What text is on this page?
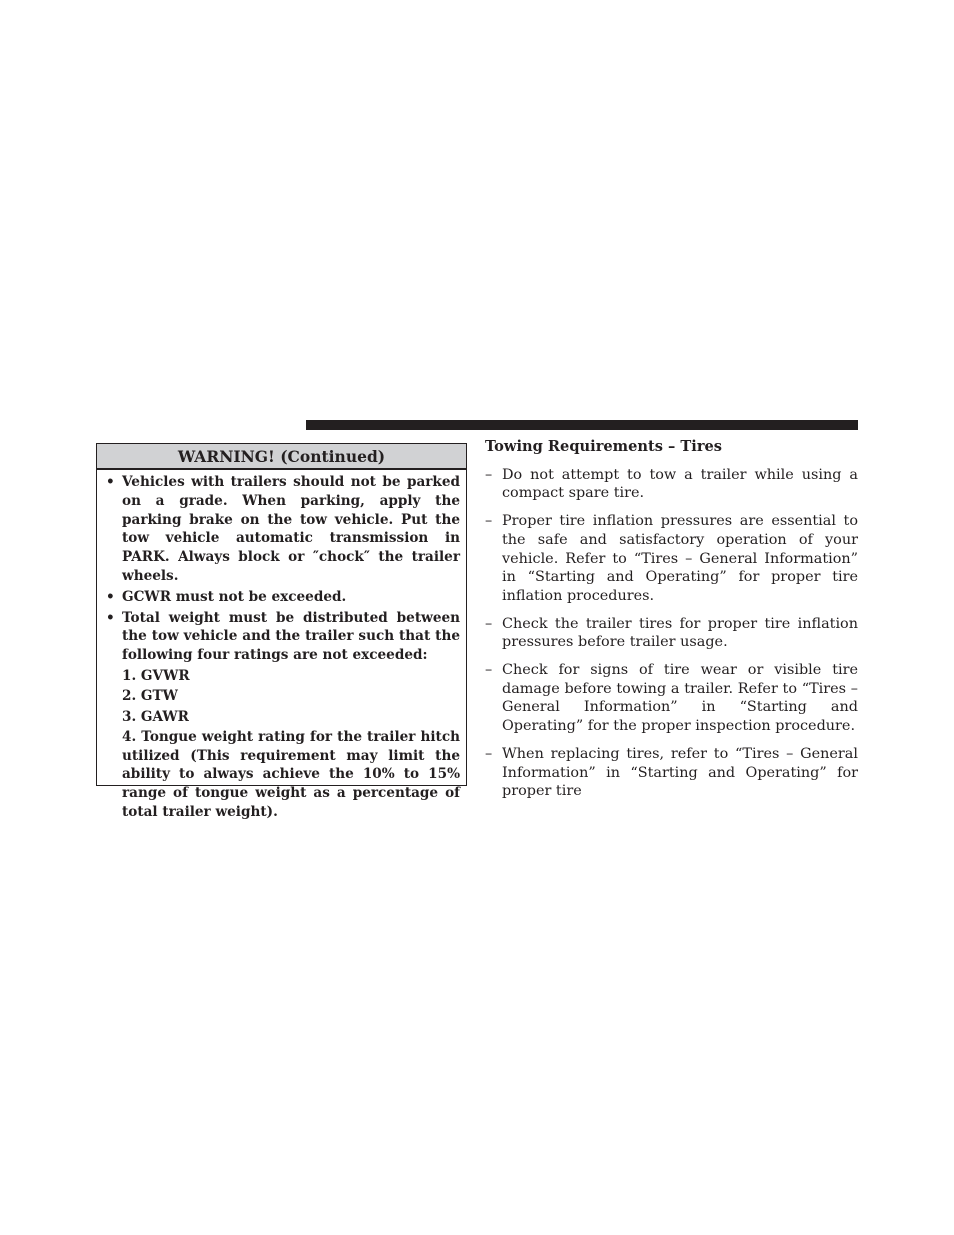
WARNING! (Continued)
• Vehicles with trailers should not be parked on a grade. When parking, apply the parking brake on the tow vehicle. Put the tow vehicle automatic transmission in PARK. Always block or ″chock″ the trailer wheels.
• GCWR must not be exceeded.
• Total weight must be distributed between the tow vehicle and the trailer such that the following four ratings are not exceeded:
1. GVWR
2. GTW
3. GAWR
4. Tongue weight rating for the trailer hitch utilized (This requirement may limit the ability to always achieve the 10% to 15% range of tongue weight as a percentage of total trailer weight).
Towing Requirements – Tires
– Do not attempt to tow a trailer while using a compact spare tire.
– Proper tire inflation pressures are essential to the safe and satisfactory operation of your vehicle. Refer to “Tires – General Information” in “Starting and Operating” for proper tire inflation procedures.
– Check the trailer tires for proper tire inflation pressures before trailer usage.
– Check for signs of tire wear or visible tire damage before towing a trailer. Refer to “Tires – General Information” in “Starting and Operating” for the proper inspection procedure.
– When replacing tires, refer to “Tires – General Information” in “Starting and Operating” for proper tire
